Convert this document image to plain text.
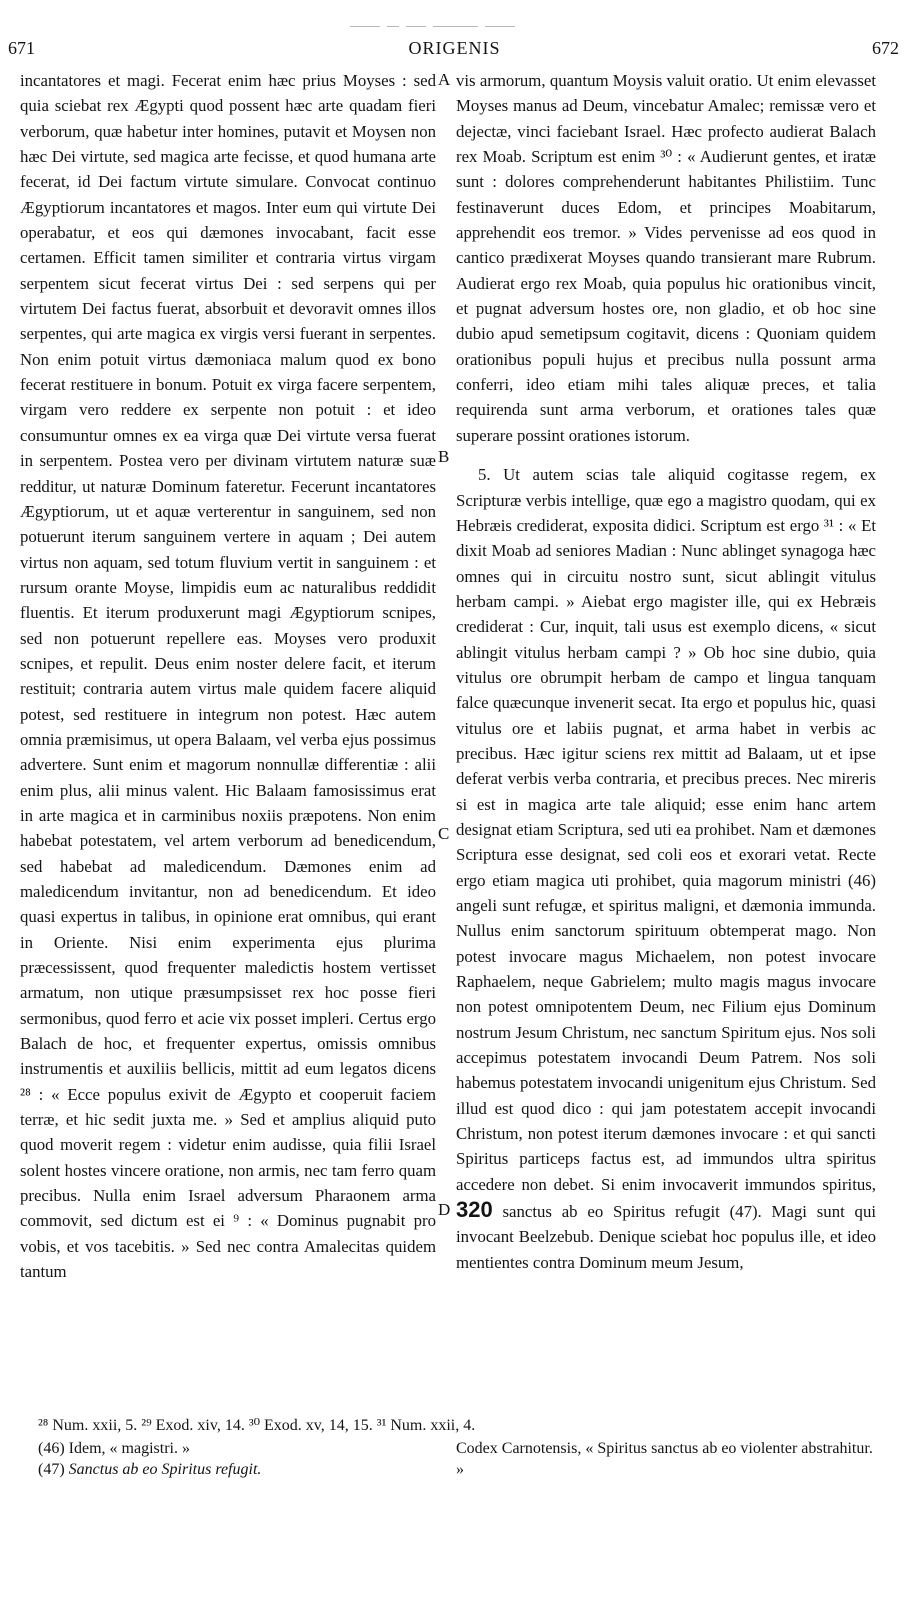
671	ORIGENIS	672

incantatores et magi. Fecerat enim hæc prius Moyses : sed quia sciebat rex Ægypti quod possent hæc arte quadam fieri verborum, quæ habetur inter homines, putavit et Moysen non hæc Dei virtute, sed magica arte fecisse, et quod humana arte fecerat, id Dei factum virtute simulare. Convocat continuo Ægyptiorum incantatores et magos. Inter eum qui virtute Dei operabatur, et eos qui dæmones invocabant, facit esse certamen. Efficit tamen similiter et contraria virtus virgam serpentem sicut fecerat virtus Dei : sed serpens qui per virtutem Dei factus fuerat, absorbuit et devoravit omnes illos serpentes, qui arte magica ex virgis versi fuerant in serpentes. Non enim potuit virtus dæmoniaca malum quod ex bono fecerat restituere in bonum. Potuit ex virga facere serpentem, virgam vero reddere ex serpente non potuit : et ideo consumuntur omnes ex ea virga quæ Dei virtute versa fuerat in serpentem. Postea vero per divinam virtutem naturæ suæ redditur, ut naturæ Dominum fateretur. Fecerunt incantatores Ægyptiorum, ut et aquæ verterentur in sanguinem, sed non potuerunt iterum sanguinem vertere in aquam ; Dei autem virtus non aquam, sed totum fluvium vertit in sanguinem : et rursum orante Moyse, limpidis eum ac naturalibus reddidit fluentis. Et iterum produxerunt magi Ægyptiorum scnipes, sed non potuerunt repellere eas. Moyses vero produxit scnipes, et repulit. Deus enim noster delere facit, et iterum restituit; contraria autem virtus male quidem facere aliquid potest, sed restituere in integrum non potest. Hæc autem omnia præmisimus, ut opera Balaam, vel verba ejus possimus advertere. Sunt enim et magorum nonnullæ differentiæ : alii enim plus, alii minus valent. Hic Balaam famosissimus erat in arte magica et in carminibus noxiis præpotens. Non enim habebat potestatem, vel artem verborum ad benedicendum, sed habebat ad maledicendum. Dæmones enim ad maledicendum invitantur, non ad benedicendum. Et ideo quasi expertus in talibus, in opinione erat omnibus, qui erant in Oriente. Nisi enim experimenta ejus plurima præcessissent, quod frequenter maledictis hostem vertisset armatum, non utique præsumpsisset rex hoc posse fieri sermonibus, quod ferro et acie vix posset impleri. Certus ergo Balach de hoc, et frequenter expertus, omissis omnibus instrumentis et auxiliis bellicis, mittit ad eum legatos dicens ²⁸ : « Ecce populus exivit de Ægypto et cooperuit faciem terræ, et hic sedit juxta me. » Sed et amplius aliquid puto quod moverit regem : videtur enim audisse, quia filii Israel solent hostes vincere oratione, non armis, nec tam ferro quam precibus. Nulla enim Israel adversum Pharaonem arma commovit, sed dictum est ei ⁹ : « Dominus pugnabit pro vobis, et vos tacebitis. » Sed nec contra Amalecitas quidem tantum

A
B
C
D

vis armorum, quantum Moysis valuit oratio. Ut enim elevasset Moyses manus ad Deum, vincebatur Amalec; remissæ vero et dejectæ, vinci faciebant Israel. Hæc profecto audierat Balach rex Moab. Scriptum est enim ³⁰ : « Audierunt gentes, et iratæ sunt : dolores comprehenderunt habitantes Philistiim. Tunc festinaverunt duces Edom, et principes Moabitarum, apprehendit eos tremor. » Vides pervenisse ad eos quod in cantico prædixerat Moyses quando transierant mare Rubrum. Audierat ergo rex Moab, quia populus hic orationibus vincit, et pugnat adversum hostes ore, non gladio, et ob hoc sine dubio apud semetipsum cogitavit, dicens : Quoniam quidem orationibus populi hujus et precibus nulla possunt arma conferri, ideo etiam mihi tales aliquæ preces, et talia requirenda sunt arma verborum, et orationes tales quæ superare possint orationes istorum.

5. Ut autem scias tale aliquid cogitasse regem, ex Scripturæ verbis intellige, quæ ego a magistro quodam, qui ex Hebræis crediderat, exposita didici. Scriptum est ergo ³¹ : « Et dixit Moab ad seniores Madian : Nunc ablinget synagoga hæc omnes qui in circuitu nostro sunt, sicut ablingit vitulus herbam campi. » Aiebat ergo magister ille, qui ex Hebræis crediderat : Cur, inquit, tali usus est exemplo dicens, « sicut ablingit vitulus herbam campi ? » Ob hoc sine dubio, quia vitulus ore obrumpit herbam de campo et lingua tanquam falce quæcunque invenerit secat. Ita ergo et populus hic, quasi vitulus ore et labiis pugnat, et arma habet in verbis ac precibus. Hæc igitur sciens rex mittit ad Balaam, ut et ipse deferat verbis verba contraria, et precibus preces. Nec mireris si est in magica arte tale aliquid; esse enim hanc artem designat etiam Scriptura, sed uti ea prohibet. Nam et dæmones Scriptura esse designat, sed coli eos et exorari vetat. Recte ergo etiam magica uti prohibet, quia magorum ministri (46) angeli sunt refugæ, et spiritus maligni, et dæmonia immunda. Nullus enim sanctorum spirituum obtemperat mago. Non potest invocare magus Michaelem, non potest invocare Raphaelem, neque Gabrielem; multo magis magus invocare non potest omnipotentem Deum, nec Filium ejus Dominum nostrum Jesum Christum, nec sanctum Spiritum ejus. Nos soli accepimus potestatem invocandi Deum Patrem. Nos soli habemus potestatem invocandi unigenitum ejus Christum. Sed illud est quod dico : qui jam potestatem accepit invocandi Christum, non potest iterum dæmones invocare : et qui sancti Spiritus particeps factus est, ad immundos ultra spiritus accedere non debet. Si enim invocaverit immundos spiritus, 320 sanctus ab eo Spiritus refugit (47). Magi sunt qui invocant Beelzebub. Denique sciebat hoc populus ille, et ideo mentientes contra Dominum meum Jesum,

²⁸ Num. xxii, 5. ²⁹ Exod. xiv, 14. ³⁰ Exod. xv, 14, 15. ³¹ Num. xxii, 4.

(46) Idem, « magistri. »

(47) Sanctus ab eo Spiritus refugit.

Codex Carnotensis, « Spiritus sanctus ab eo violenter abstrahitur. »
